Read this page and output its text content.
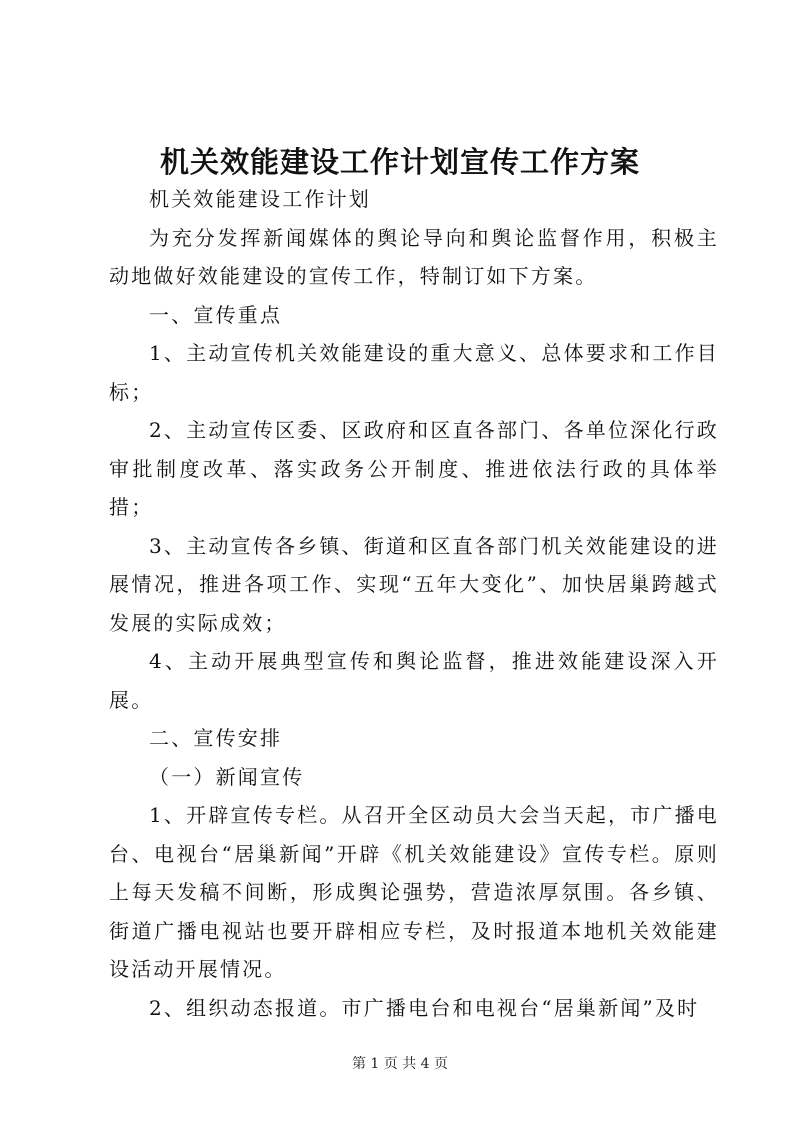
机关效能建设工作计划宣传工作方案

机关效能建设工作计划

为充分发挥新闻媒体的舆论导向和舆论监督作用，积极主动地做好效能建设的宣传工作，特制订如下方案。

一、宣传重点

1、主动宣传机关效能建设的重大意义、总体要求和工作目标；

2、主动宣传区委、区政府和区直各部门、各单位深化行政审批制度改革、落实政务公开制度、推进依法行政的具体举措；

3、主动宣传各乡镇、街道和区直各部门机关效能建设的进展情况，推进各项工作、实现“五年大变化”、加快居巢跨越式发展的实际成效；

4、主动开展典型宣传和舆论监督，推进效能建设深入开展。

二、宣传安排

（一）新闻宣传

1、开辟宣传专栏。从召开全区动员大会当天起，市广播电台、电视台“居巢新闻”开辟《机关效能建设》宣传专栏。原则上每天发稿不间断，形成舆论强势，营造浓厚氛围。各乡镇、街道广播电视站也要开辟相应专栏，及时报道本地机关效能建设活动开展情况。

2、组织动态报道。市广播电台和电视台“居巢新闻”及时

第 1 页 共 4 页
